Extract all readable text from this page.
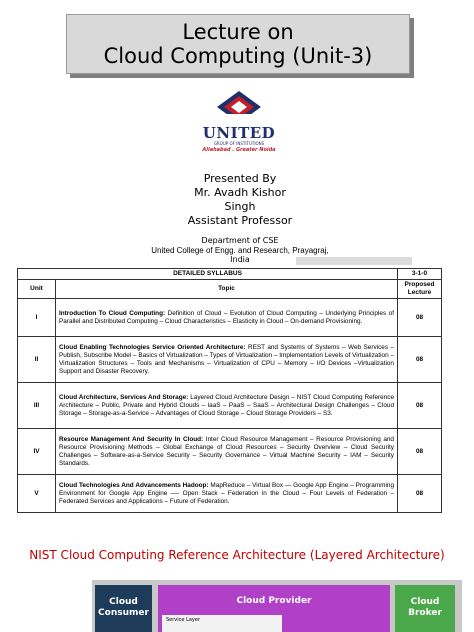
Lecture on
Cloud Computing (Unit-3)
UNITED
GROUP OF INSTITUTIONS
Allahabad . Greater Noida
Presented By
Mr. Avadh Kishor
Singh
Assistant Professor
Department of CSE
United College of Engg. and Research, Prayagraj,
India
DETAILED SYLLABUS		3-1-0
Unit	Topic	Proposed Lecture
I	Introduction To Cloud Computing: Definition of Cloud – Evolution of Cloud Computing – Underlying Principles of Parallel and Distributed Computing – Cloud Characteristics – Elasticity in Cloud – On-demand Provisioning.	08
II	Cloud Enabling Technologies Service Oriented Architecture: REST and Systems of Systems – Web Services – Publish, Subscribe Model – Basics of Virtualization – Types of Virtualization – Implementation Levels of Virtualization – Virtualization Structures – Tools and Mechanisms – Virtualization of CPU – Memory – I/O Devices –Virtualization Support and Disaster Recovery.	08
III	Cloud Architecture, Services And Storage: Layered Cloud Architecture Design – NIST Cloud Computing Reference Architecture – Public, Private and Hybrid Clouds – laaS – PaaS – SaaS – Architectural Design Challenges – Cloud Storage – Storage-as-a-Service – Advantages of Cloud Storage – Cloud Storage Providers – S3.	08
IV	Resource Management And Security In Cloud: Inter Cloud Resource Management – Resource Provisioning and Resource Provisioning Methods – Global Exchange of Cloud Resources – Security Overview – Cloud Security Challenges – Software-as-a-Service Security – Security Governance – Virtual Machine Security – IAM – Security Standards.	08
V	Cloud Technologies And Advancements Hadoop: MapReduce – Virtual Box — Google App Engine – Programming Environment for Google App Engine —- Open Stack – Federation in the Cloud – Four Levels of Federation – Federated Services and Applications – Future of Federation.	08
NIST Cloud Computing Reference Architecture (Layered Architecture)
Cloud Consumer
Cloud Provider
Service Layer
Cloud Broker
